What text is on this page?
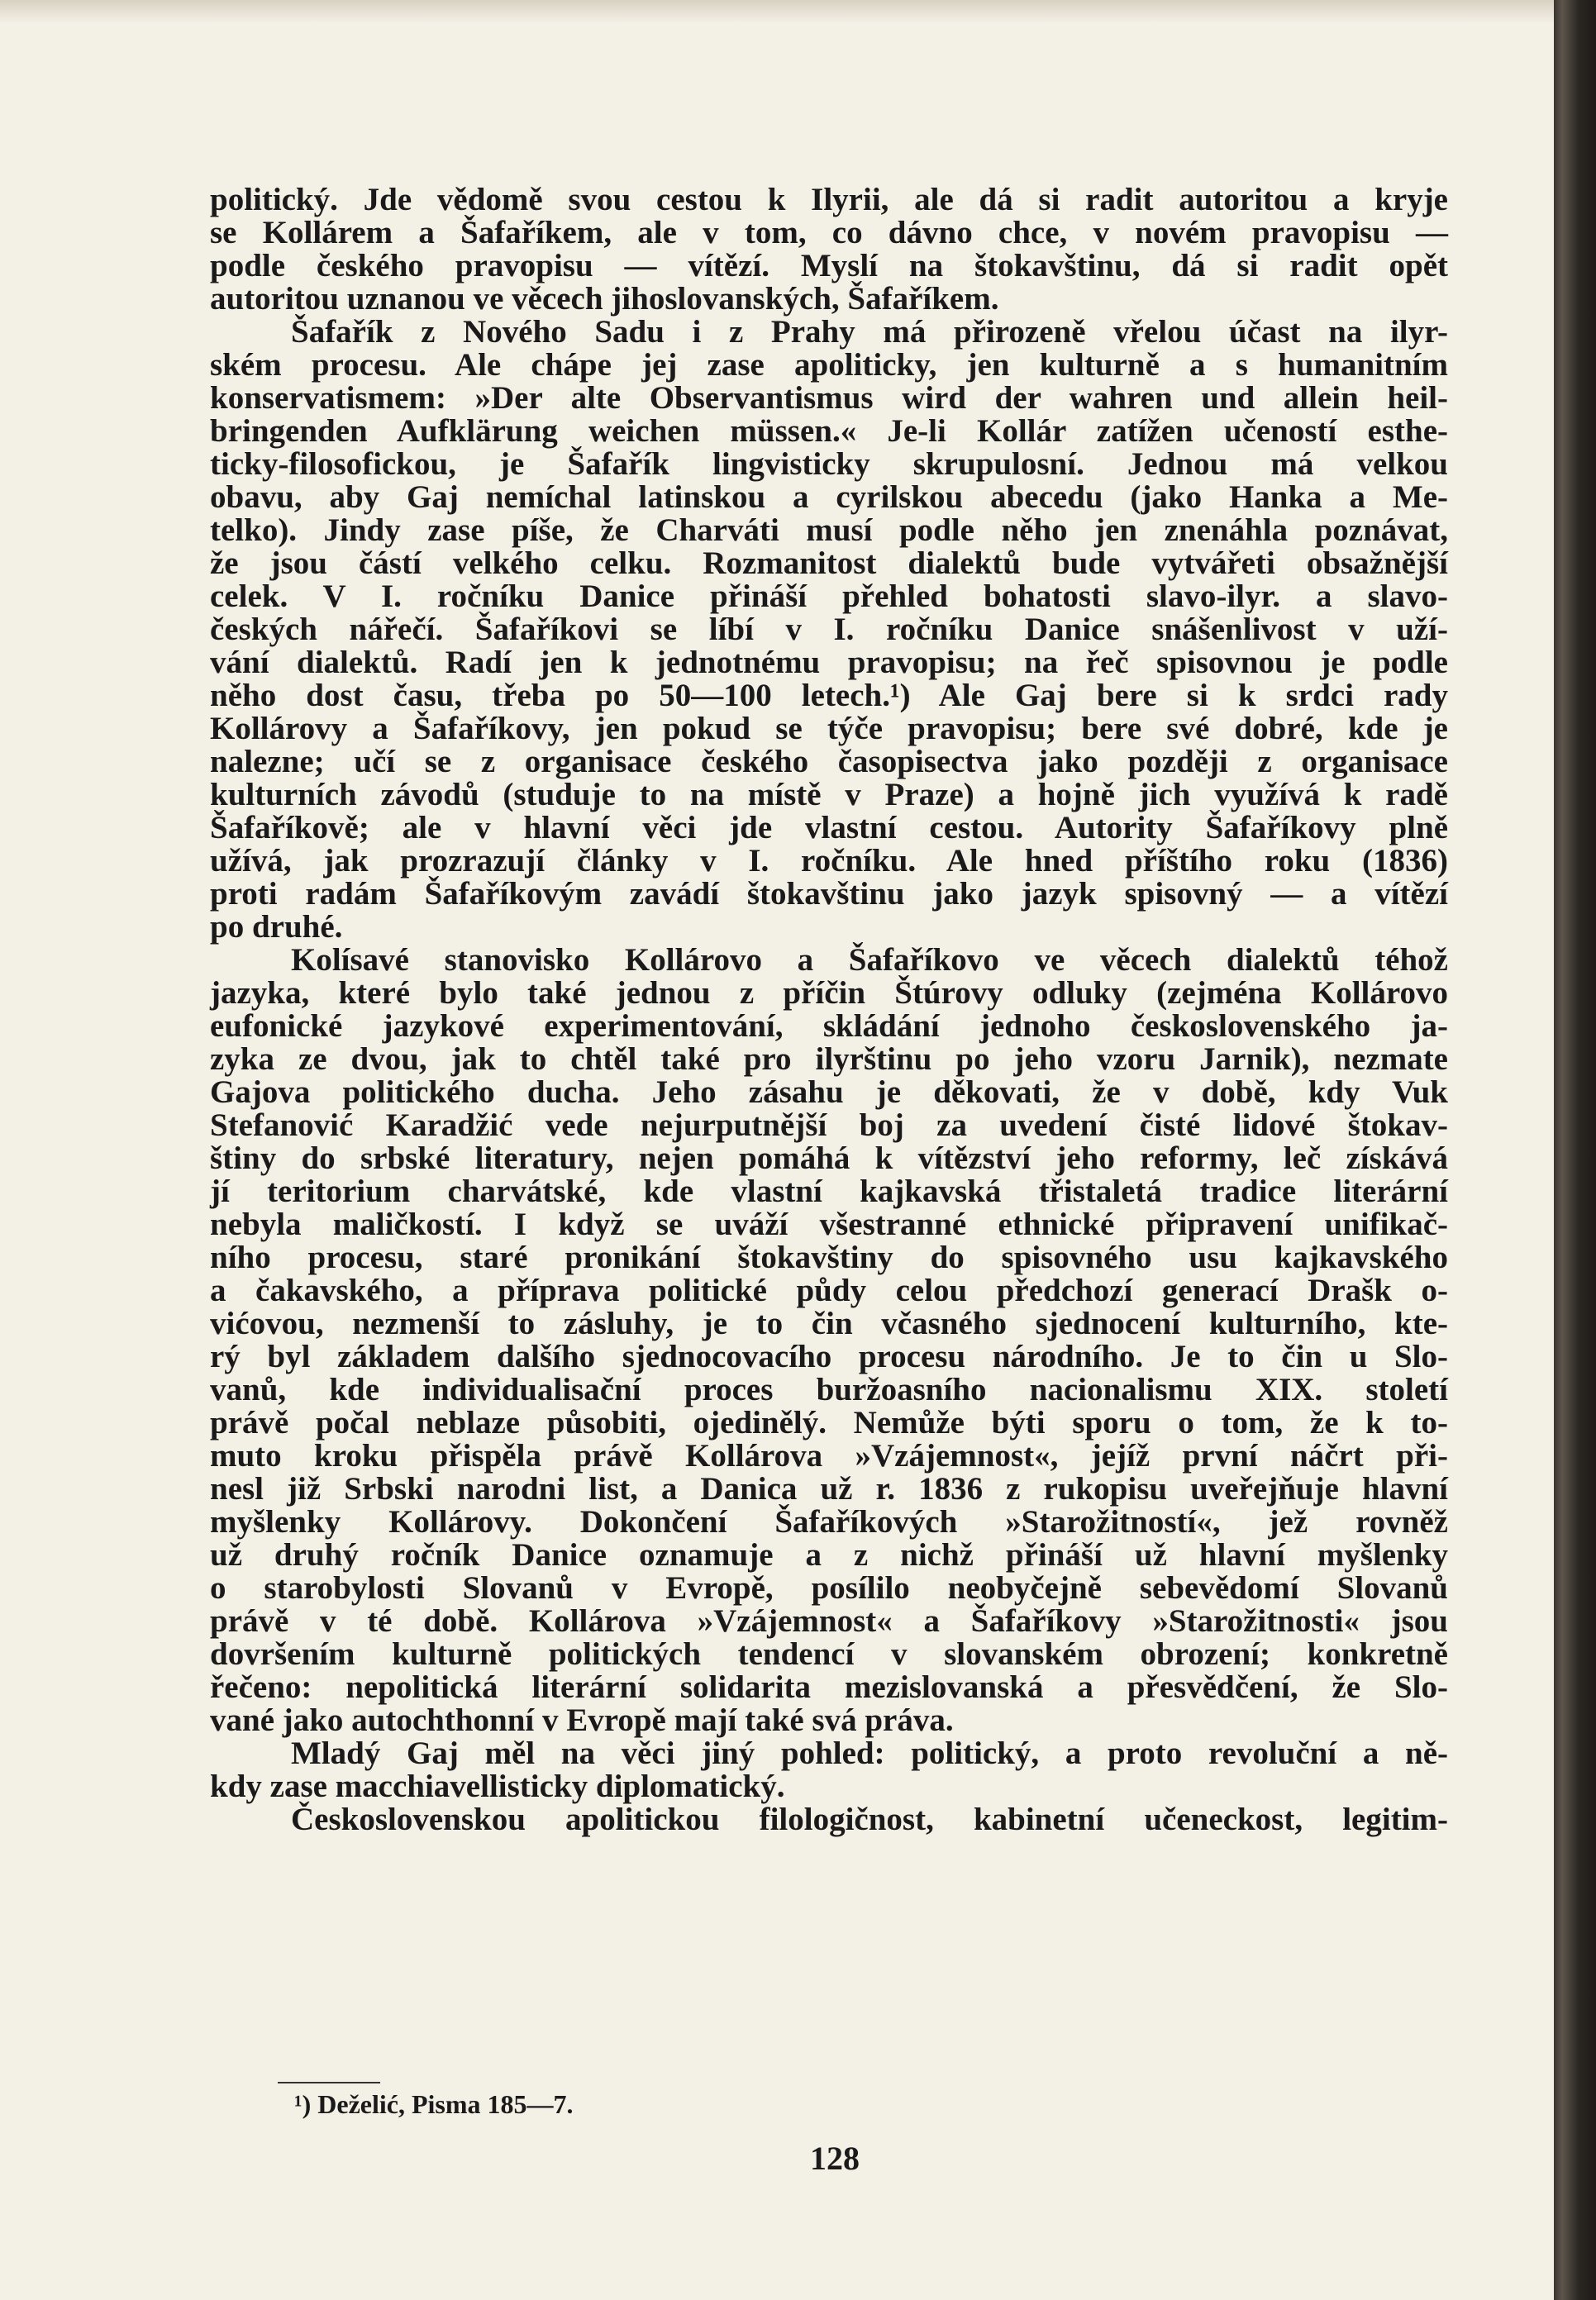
politický. Jde vědomě svou cestou k Ilyrii, ale dá si radit autoritou a kryje
se Kollárem a Šafaříkem, ale v tom, co dávno chce, v novém pravopisu —
podle českého pravopisu — vítězí. Myslí na štokavštinu, dá si radit opět
autoritou uznanou ve věcech jihoslovanských, Šafaříkem.
Šafařík z Nového Sadu i z Prahy má přirozeně vřelou účast na ilyr-
ském procesu. Ale chápe jej zase apoliticky, jen kulturně a s humanitním
konservatismem: »Der alte Observantismus wird der wahren und allein heil-
bringenden Aufklärung weichen müssen.« Je-li Kollár zatížen učeností esthe-
ticky-filosofickou, je Šafařík lingvisticky skrupulosní. Jednou má velkou
obavu, aby Gaj nemíchal latinskou a cyrilskou abecedu (jako Hanka a Me-
telko). Jindy zase píše, že Charváti musí podle něho jen znenáhla poznávat,
že jsou částí velkého celku. Rozmanitost dialektů bude vytvářeti obsažnější
celek. V I. ročníku Danice přináší přehled bohatosti slavo-ilyr. a slavo-
českých nářečí. Šafaříkovi se líbí v I. ročníku Danice snášenlivost v uží-
vání dialektů. Radí jen k jednotnému pravopisu; na řeč spisovnou je podle
něho dost času, třeba po 50—100 letech.¹) Ale Gaj bere si k srdci rady
Kollárovy a Šafaříkovy, jen pokud se týče pravopisu; bere své dobré, kde je
nalezne; učí se z organisace českého časopisectva jako později z organisace
kulturních závodů (studuje to na místě v Praze) a hojně jich využívá k radě
Šafaříkově; ale v hlavní věci jde vlastní cestou. Autority Šafaříkovy plně
užívá, jak prozrazují články v I. ročníku. Ale hned příštího roku (1836)
proti radám Šafaříkovým zavádí štokavštinu jako jazyk spisovný — a vítězí
po druhé.
Kolísavé stanovisko Kollárovo a Šafaříkovo ve věcech dialektů téhož
jazyka, které bylo také jednou z příčin Štúrovy odluky (zejména Kollárovo
eufonické jazykové experimentování, skládání jednoho československého ja-
zyka ze dvou, jak to chtěl také pro ilyrštinu po jeho vzoru Jarnik), nezmate
Gajova politického ducha. Jeho zásahu je děkovati, že v době, kdy Vuk
Stefanović Karadžić vede nejurputnější boj za uvedení čisté lidové štokav-
štiny do srbské literatury, nejen pomáhá k vítězství jeho reformy, leč získává
jí teritorium charvátské, kde vlastní kajkavská třistaletá tradice literární
nebyla maličkostí. I když se uváží všestranné ethnické připravení unifikač-
ního procesu, staré pronikání štokavštiny do spisovného usu kajkavského
a čakavského, a příprava politické půdy celou předchozí generací Drašk o-
vićovou, nezmenší to zásluhy, je to čin včasného sjednocení kulturního, kte-
rý byl základem dalšího sjednocovacího procesu národního. Je to čin u Slo-
vanů, kde individualisační proces buržoasního nacionalismu XIX. století
právě počal neblaze působiti, ojedinělý. Nemůže býti sporu o tom, že k to-
muto kroku přispěla právě Kollárova »Vzájemnost«, jejíž první náčrt při-
nesl již Srbski narodni list, a Danica už r. 1836 z rukopisu uveřejňuje hlavní
myšlenky Kollárovy. Dokončení Šafaříkových »Starožitností«, jež rovněž
už druhý ročník Danice oznamuje a z nichž přináší už hlavní myšlenky
o starobylosti Slovanů v Evropě, posílilo neobyčejně sebevědomí Slovanů
právě v té době. Kollárova »Vzájemnost« a Šafaříkovy »Starožitnosti« jsou
dovršením kulturně politických tendencí v slovanském obrození; konkretně
řečeno: nepolitická literární solidarita mezislovanská a přesvědčení, že Slo-
vané jako autochthonní v Evropě mají také svá práva.
Mladý Gaj měl na věci jiný pohled: politický, a proto revoluční a ně-
kdy zase macchiavellisticky diplomatický.
Československou apolitickou filologičnost, kabinetní učeneckost, legitim-
¹) Deželić, Pisma 185—7.
128
